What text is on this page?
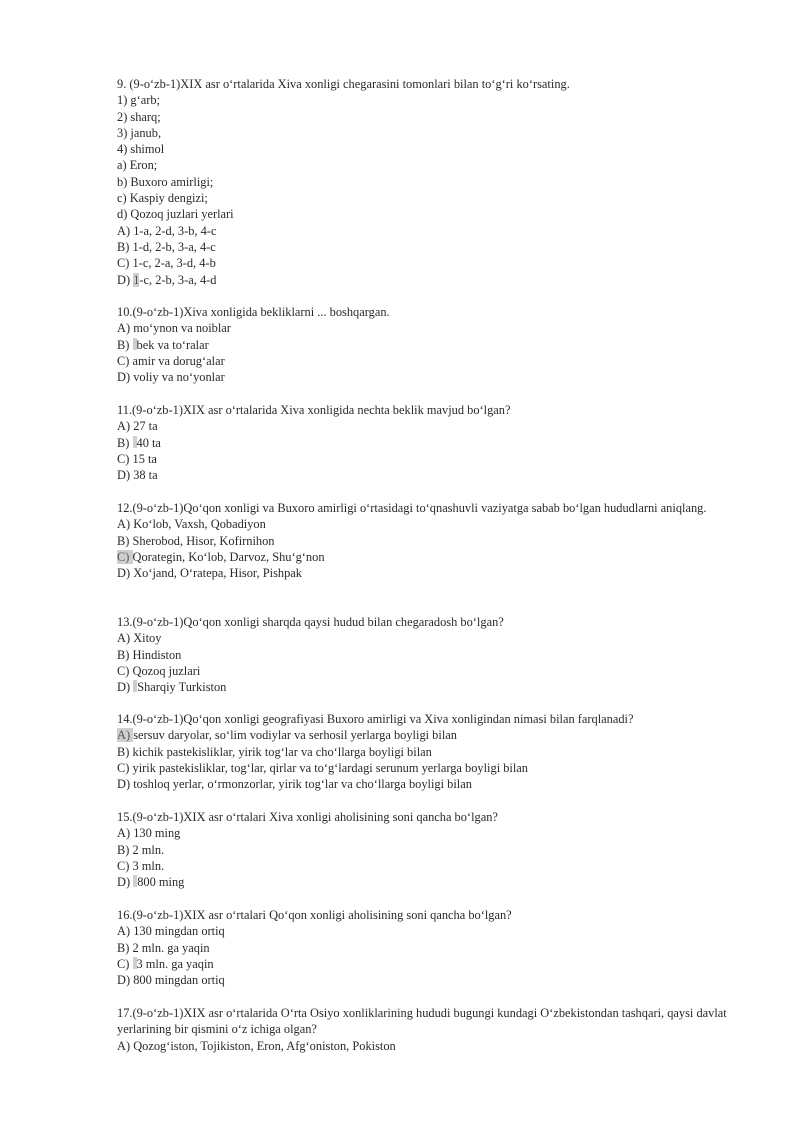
9. (9-o‘zb-1)XIX asr o‘rtalarida Xiva xonligi chegarasini tomonlari bilan to‘g‘ri ko‘rsating.
1) g‘arb;
2) sharq;
3) janub,
4) shimol
a) Eron;
b) Buxoro amirligi;
c) Kaspiy dengizi;
d) Qozoq juzlari yerlari
A) 1-a, 2-d, 3-b, 4-c
B) 1-d, 2-b, 3-a, 4-c
C) 1-c, 2-a, 3-d, 4-b
D) 1-c, 2-b, 3-a, 4-d
10.(9-o‘zb-1)Xiva xonligida bekliklarni ... boshqargan.
A) mo‘ynon va noiblar
B) bek va to‘ralar
C) amir va dorug‘alar
D) voliy va no‘yonlar
11.(9-o‘zb-1)XIX asr o‘rtalarida Xiva xonligida nechta beklik mavjud bo‘lgan?
A) 27 ta
B) 40 ta
C) 15 ta
D) 38 ta
12.(9-o‘zb-1)Qo‘qon xonligi va Buxoro amirligi o‘rtasidagi to‘qnashuvli vaziyatga sabab bo‘lgan hududlarni aniqlang.
A) Ko‘lob, Vaxsh, Qobadiyon
B) Sherobod, Hisor, Kofirnihon
C) Qorategin, Ko‘lob, Darvoz, Shu‘g‘non
D) Xo‘jand, O‘ratepa, Hisor, Pishpak
13.(9-o‘zb-1)Qo‘qon xonligi sharqda qaysi hudud bilan chegaradosh bo‘lgan?
A) Xitoy
B) Hindiston
C) Qozoq juzlari
D) Sharqiy Turkiston
14.(9-o‘zb-1)Qo‘qon xonligi geografiyasi Buxoro amirligi va Xiva xonligindan nimasi bilan farqlanadi?
A) sersuv daryolar, so‘lim vodiylar va serhosil yerlarga boyligi bilan
B) kichik pastekisliklar, yirik tog‘lar va cho‘llarga boyligi bilan
C) yirik pastekisliklar, tog‘lar, qirlar va to‘g‘lardagi serunum yerlarga boyligi bilan
D) toshloq yerlar, o‘rmonzorlar, yirik tog‘lar va cho‘llarga boyligi bilan
15.(9-o‘zb-1)XIX asr o‘rtalari Xiva xonligi aholisining soni qancha bo‘lgan?
A) 130 ming
B) 2 mln.
C) 3 mln.
D) 800 ming
16.(9-o‘zb-1)XIX asr o‘rtalari Qo‘qon xonligi aholisining soni qancha bo‘lgan?
A) 130 mingdan ortiq
B) 2 mln. ga yaqin
C) 3 mln. ga yaqin
D) 800 mingdan ortiq
17.(9-o‘zb-1)XIX asr o‘rtalarida O‘rta Osiyo xonliklarining hududi bugungi kundagi O‘zbekistondan tashqari, qaysi davlat yerlarining bir qismini o‘z ichiga olgan?
A) Qozog‘iston, Tojikiston, Eron, Afg‘oniston, Pokiston
